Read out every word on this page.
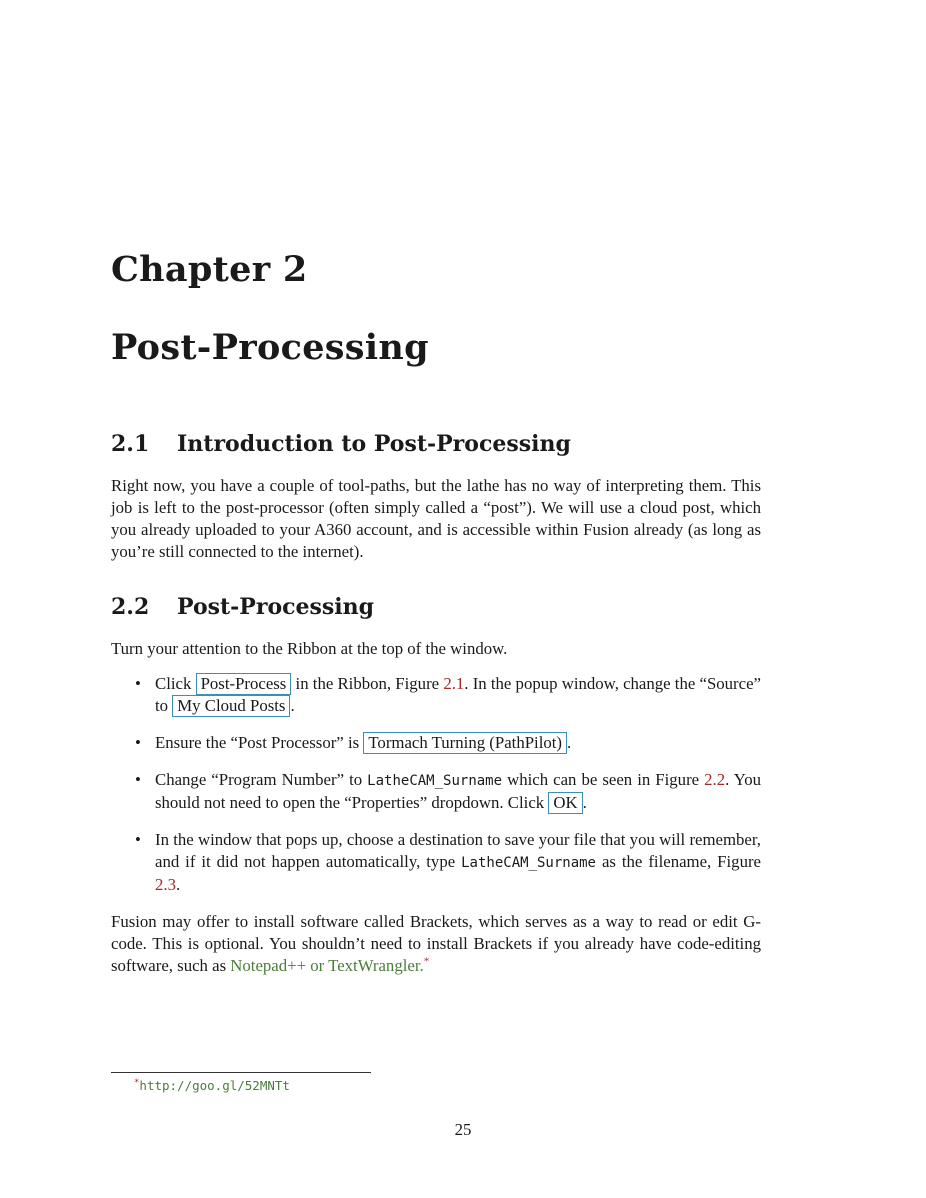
Chapter 2
Post-Processing
2.1	Introduction to Post-Processing

Right now, you have a couple of tool-paths, but the lathe has no way of interpreting them. This job is left to the post-processor (often simply called a “post”). We will use a cloud post, which you already uploaded to your A360 account, and is accessible within Fusion already (as long as you’re still connected to the internet).

2.2	Post-Processing

Turn your attention to the Ribbon at the top of the window.

• Click Post-Process in the Ribbon, Figure 2.1. In the popup window, change the “Source” to My Cloud Posts .
• Ensure the “Post Processor” is Tormach Turning (PathPilot) .
• Change “Program Number” to LatheCAM_Surname which can be seen in Figure 2.2. You should not need to open the “Properties” dropdown. Click OK .
• In the window that pops up, choose a destination to save your file that you will remember, and if it did not happen automatically, type LatheCAM_Surname as the filename, Figure 2.3.

Fusion may offer to install software called Brackets, which serves as a way to read or edit G-code. This is optional. You shouldn’t need to install Brackets if you already have code-editing software, such as Notepad++ or TextWrangler.*

*http://goo.gl/52MNTt
25
